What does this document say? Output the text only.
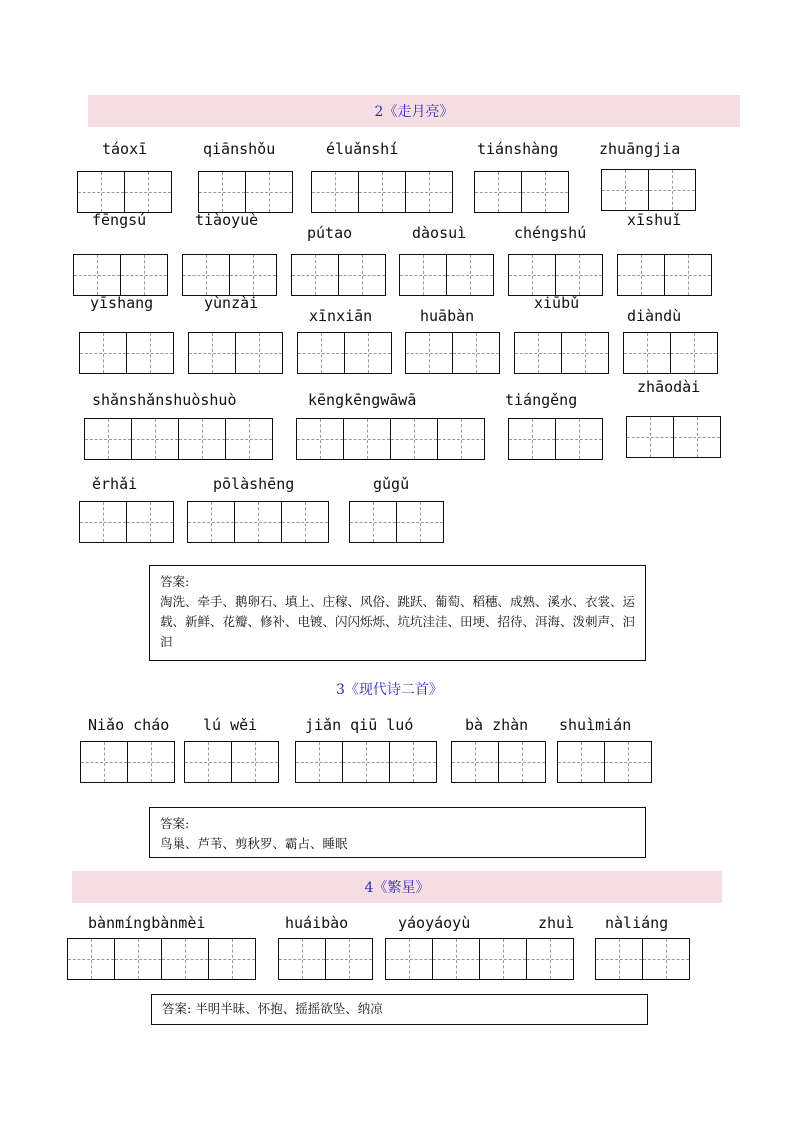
2《走月亮》
táoxī	qiānshǒu	éluǎnshí	tiánshàng	zhuāngjia
fēngsú	tiàoyuè
pútao	dàosuì	chéngshú
xīshuǐ
yīshang	yùnzài
xīnxiān	huābàn
xiūbǔ
diàndù
shǎnshǎnshuòshuò	kēngkēngwāwā	tiángěng
zhāodài
ěrhǎi	pōlàshēng	gǔgǔ
答案:
淘洗、牵手、鹅卵石、填上、庄稼、风俗、跳跃、葡萄、稻穗、成熟、溪水、衣裳、运载、新鲜、花瓣、修补、电镀、闪闪烁烁、坑坑洼洼、田埂、招待、洱海、泼刺声、汩汩
3《现代诗二首》
Niǎo cháo lú wěi	jiǎn qiū luó	bà zhàn shuìmián
答案:
鸟巢、芦苇、剪秋罗、霸占、睡眠
4《繁星》
bànmíngbànmèi	huáibào	yáoyáoyù	zhuì nàliáng
答案: 半明半昧、怀抱、摇摇欲坠、纳凉
